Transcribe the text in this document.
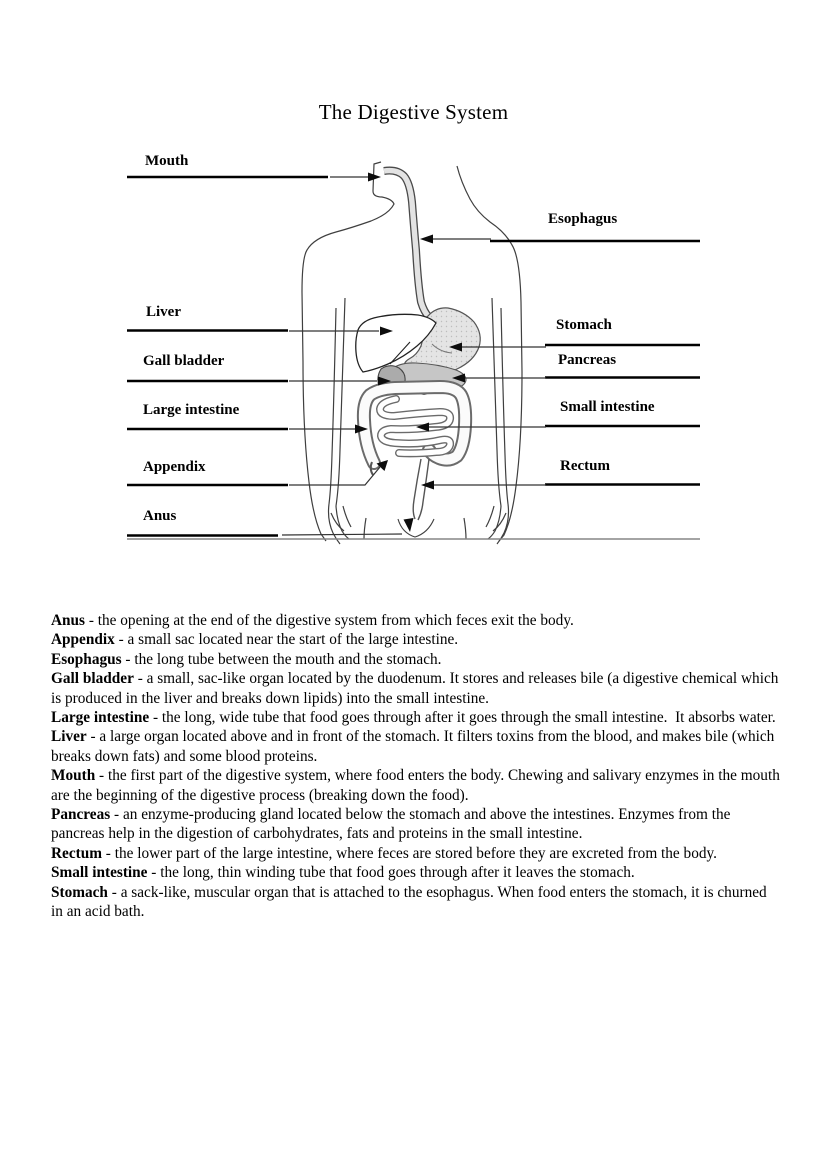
The Digestive System
Mouth
Liver
Gall bladder
Large intestine
Appendix
Anus
Esophagus
Stomach
Pancreas
Small intestine
Rectum

Anus - the opening at the end of the digestive system from which feces exit the body.

Appendix - a small sac located near the start of the large intestine.

Esophagus - the long tube between the mouth and the stomach.

Gall bladder - a small, sac-like organ located by the duodenum. It stores and releases bile (a digestive chemical which is produced in the liver and breaks down lipids) into the small intestine.

Large intestine - the long, wide tube that food goes through after it goes through the small intestine.  It absorbs water.

Liver - a large organ located above and in front of the stomach. It filters toxins from the blood, and makes bile (which breaks down fats) and some blood proteins.

Mouth - the first part of the digestive system, where food enters the body. Chewing and salivary enzymes in the mouth are the beginning of the digestive process (breaking down the food).

Pancreas - an enzyme-producing gland located below the stomach and above the intestines. Enzymes from the pancreas help in the digestion of carbohydrates, fats and proteins in the small intestine.

Rectum - the lower part of the large intestine, where feces are stored before they are excreted from the body.

Small intestine - the long, thin winding tube that food goes through after it leaves the stomach.

Stomach - a sack-like, muscular organ that is attached to the esophagus. When food enters the stomach, it is churned in an acid bath.
